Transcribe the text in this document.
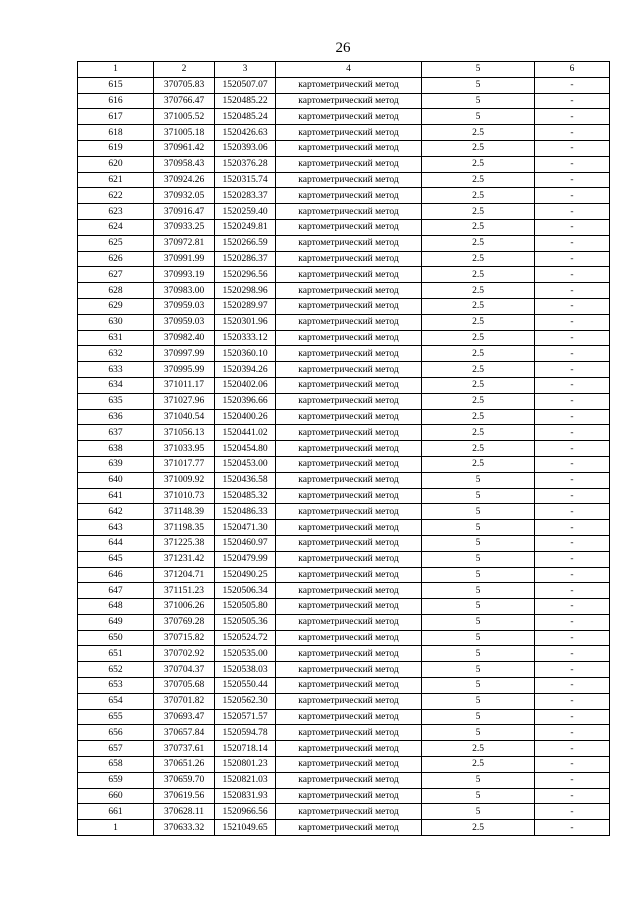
26
1	2	3	4	5	6
615	370705.83	1520507.07	картометрический метод	5	-
616	370766.47	1520485.22	картометрический метод	5	-
617	371005.52	1520485.24	картометрический метод	5	-
618	371005.18	1520426.63	картометрический метод	2.5	-
619	370961.42	1520393.06	картометрический метод	2.5	-
620	370958.43	1520376.28	картометрический метод	2.5	-
621	370924.26	1520315.74	картометрический метод	2.5	-
622	370932.05	1520283.37	картометрический метод	2.5	-
623	370916.47	1520259.40	картометрический метод	2.5	-
624	370933.25	1520249.81	картометрический метод	2.5	-
625	370972.81	1520266.59	картометрический метод	2.5	-
626	370991.99	1520286.37	картометрический метод	2.5	-
627	370993.19	1520296.56	картометрический метод	2.5	-
628	370983.00	1520298.96	картометрический метод	2.5	-
629	370959.03	1520289.97	картометрический метод	2.5	-
630	370959.03	1520301.96	картометрический метод	2.5	-
631	370982.40	1520333.12	картометрический метод	2.5	-
632	370997.99	1520360.10	картометрический метод	2.5	-
633	370995.99	1520394.26	картометрический метод	2.5	-
634	371011.17	1520402.06	картометрический метод	2.5	-
635	371027.96	1520396.66	картометрический метод	2.5	-
636	371040.54	1520400.26	картометрический метод	2.5	-
637	371056.13	1520441.02	картометрический метод	2.5	-
638	371033.95	1520454.80	картометрический метод	2.5	-
639	371017.77	1520453.00	картометрический метод	2.5	-
640	371009.92	1520436.58	картометрический метод	5	-
641	371010.73	1520485.32	картометрический метод	5	-
642	371148.39	1520486.33	картометрический метод	5	-
643	371198.35	1520471.30	картометрический метод	5	-
644	371225.38	1520460.97	картометрический метод	5	-
645	371231.42	1520479.99	картометрический метод	5	-
646	371204.71	1520490.25	картометрический метод	5	-
647	371151.23	1520506.34	картометрический метод	5	-
648	371006.26	1520505.80	картометрический метод	5	-
649	370769.28	1520505.36	картометрический метод	5	-
650	370715.82	1520524.72	картометрический метод	5	-
651	370702.92	1520535.00	картометрический метод	5	-
652	370704.37	1520538.03	картометрический метод	5	-
653	370705.68	1520550.44	картометрический метод	5	-
654	370701.82	1520562.30	картометрический метод	5	-
655	370693.47	1520571.57	картометрический метод	5	-
656	370657.84	1520594.78	картометрический метод	5	-
657	370737.61	1520718.14	картометрический метод	2.5	-
658	370651.26	1520801.23	картометрический метод	2.5	-
659	370659.70	1520821.03	картометрический метод	5	-
660	370619.56	1520831.93	картометрический метод	5	-
661	370628.11	1520966.56	картометрический метод	5	-
1	370633.32	1521049.65	картометрический метод	2.5	-
